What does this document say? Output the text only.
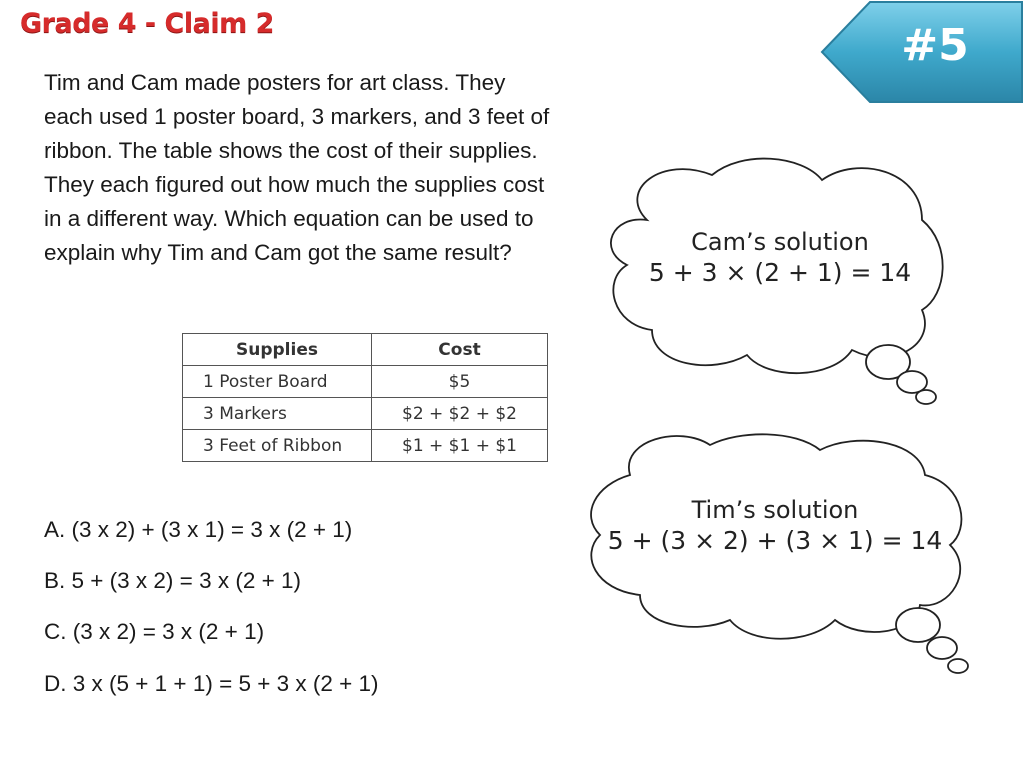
Grade 4 - Claim 2	#5

Tim and Cam made posters for art class. They each used 1 poster board, 3 markers, and 3 feet of ribbon. The table shows the cost of their supplies. They each figured out how much the supplies cost in a different way. Which equation can be used to explain why Tim and Cam got the same result?

Supplies	Cost
1 Poster Board	$5
3 Markers	$2 + $2 + $2
3 Feet of Ribbon	$1 + $1 + $1
A. (3 x 2) + (3 x 1) = 3 x (2 + 1)
B. 5 + (3 x 2) = 3 x (2 + 1)
C. (3 x 2) = 3 x (2 + 1)
D. 3 x (5 + 1 + 1) = 5 + 3 x (2 + 1)
Cam’s solution
5 + 3 × (2 + 1) = 14
Tim’s solution
5 + (3 × 2) + (3 × 1) = 14
